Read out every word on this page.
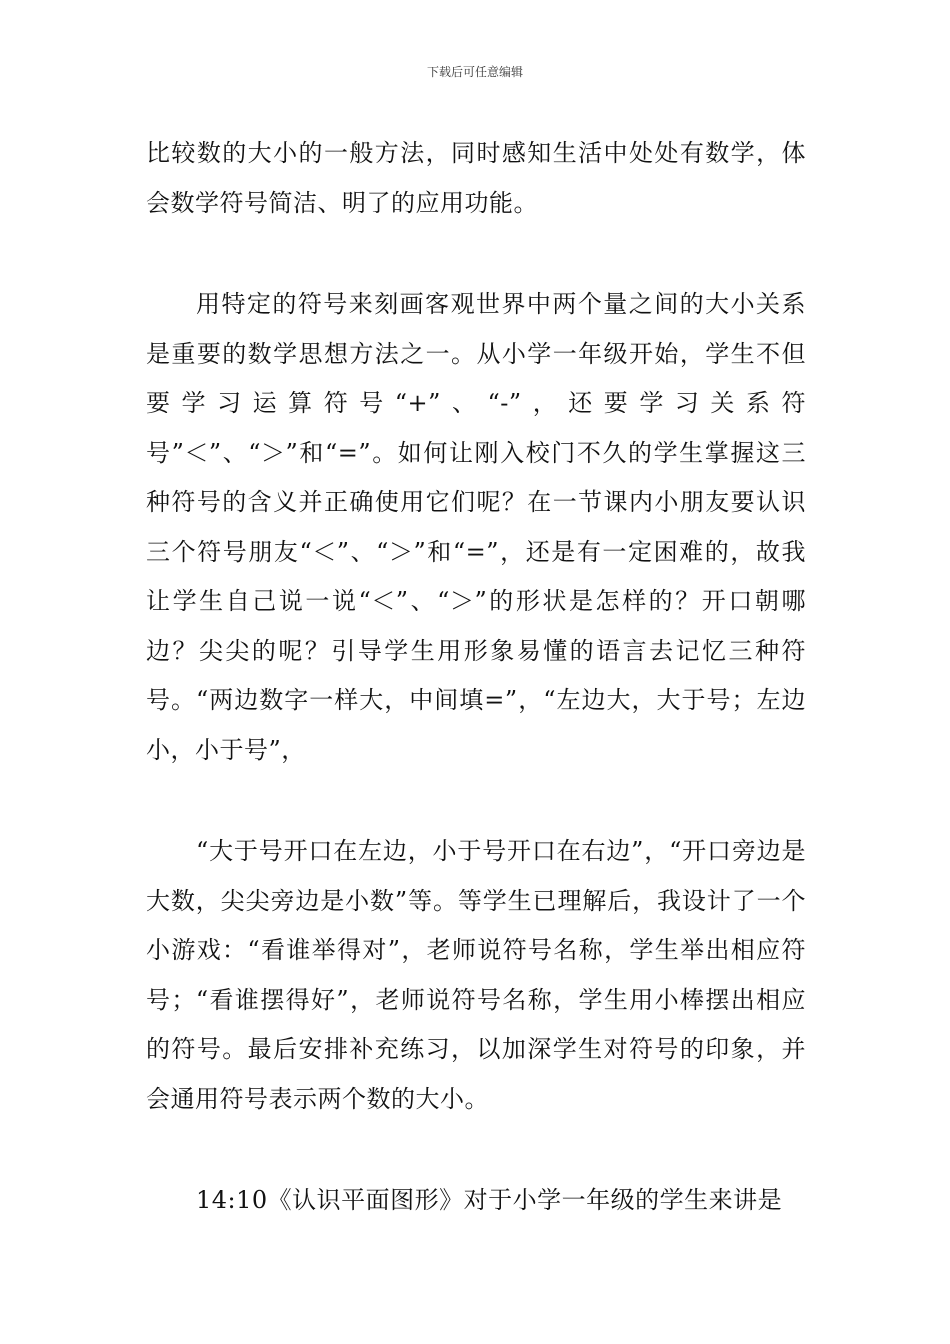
下载后可任意编辑

比较数的大小的一般方法，同时感知生活中处处有数学，体会数学符号简洁、明了的应用功能。

用特定的符号来刻画客观世界中两个量之间的大小关系是重要的数学思想方法之一。从小学一年级开始，学生不但要学习运算符号“+”、“-”，还要学习关系符号”＜”、“＞”和“=”。如何让刚入校门不久的学生掌握这三种符号的含义并正确使用它们呢？在一节课内小朋友要认识三个符号朋友“＜”、“＞”和“=”，还是有一定困难的，故我让学生自己说一说“＜”、“＞”的形状是怎样的？开口朝哪边？尖尖的呢？引导学生用形象易懂的语言去记忆三种符号。“两边数字一样大，中间填=”，“左边大，大于号；左边小，小于号”，

“大于号开口在左边，小于号开口在右边”，“开口旁边是大数，尖尖旁边是小数”等。等学生已理解后，我设计了一个小游戏：“看谁举得对”，老师说符号名称，学生举出相应符号；“看谁摆得好”，老师说符号名称，学生用小棒摆出相应的符号。最后安排补充练习，以加深学生对符号的印象，并会通用符号表示两个数的大小。

14:10《认识平面图形》对于小学一年级的学生来讲是
